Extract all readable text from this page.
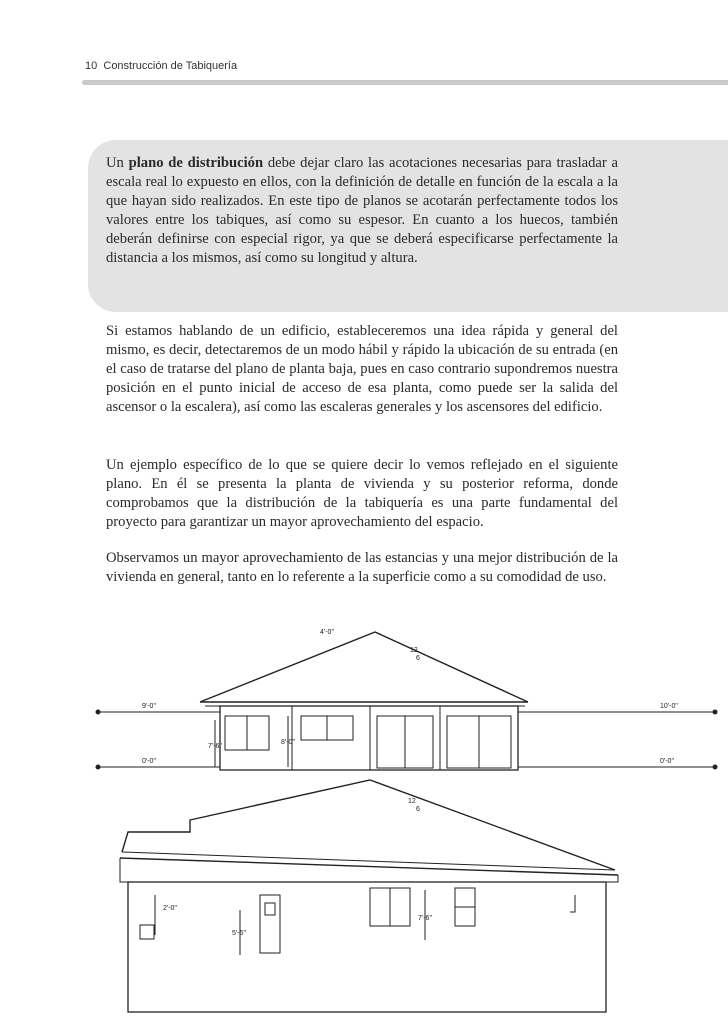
10 Construcción de Tabiquería

Un plano de distribución debe dejar claro las acotaciones necesarias para trasladar a escala real lo expuesto en ellos, con la definición de detalle en función de la escala a la que hayan sido realizados. En este tipo de planos se acotarán perfectamente todos los valores entre los tabiques, así como su espesor. En cuanto a los huecos, también deberán definirse con especial rigor, ya que se deberá especificarse perfectamente la distancia a los mismos, así como su longitud y altura.

Si estamos hablando de un edificio, estableceremos una idea rápida y general del mismo, es decir, detectaremos de un modo hábil y rápido la ubicación de su entrada (en el caso de tratarse del plano de planta baja, pues en caso contrario supondremos nuestra posición en el punto inicial de acceso de esa planta, como puede ser la salida del ascensor o la escalera), así como las escaleras generales y los ascensores del edificio.

Un ejemplo específico de lo que se quiere decir lo vemos reflejado en el siguiente plano. En él se presenta la planta de vivienda y su posterior reforma, donde comprobamos que la distribución de la tabiquería es una parte fundamental del proyecto para garantizar un mayor aprovechamiento del espacio.

Observamos un mayor aprovechamiento de las estancias y una mejor distribución de la vivienda en general, tanto en lo referente a la superficie como a su comodidad de uso.

4'-0"
12
6
9'-0"	10'-0"
0'-0"	0'-0"
7'-6"
8'-0"
12
6
2'-0"
5'-6"
7'-6"
